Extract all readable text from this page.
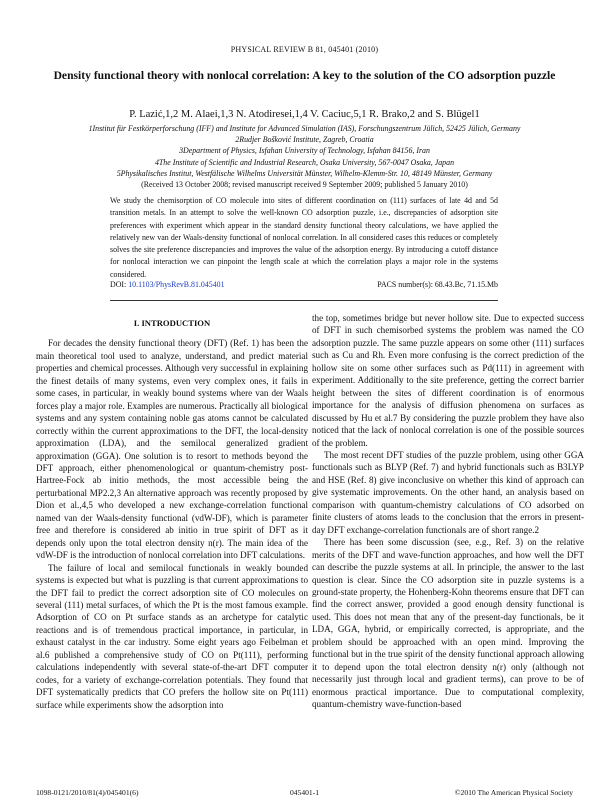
PHYSICAL REVIEW B 81, 045401 (2010)
Density functional theory with nonlocal correlation: A key to the solution of the CO adsorption puzzle
P. Lazić,1,2 M. Alaei,1,3 N. Atodiresei,1,4 V. Caciuc,5,1 R. Brako,2 and S. Blügel1
1Institut für Festkörperforschung (IFF) and Institute for Advanced Simulation (IAS), Forschungszentrum Jülich, 52425 Jülich, Germany
2Rudjer Bošković Institute, Zagreb, Croatia
3Department of Physics, Isfahan University of Technology, Isfahan 84156, Iran
4The Institute of Scientific and Industrial Research, Osaka University, 567-0047 Osaka, Japan
5Physikalisches Institut, Westfälische Wilhelms Universität Münster, Wilhelm-Klemm-Str. 10, 48149 Münster, Germany
(Received 13 October 2008; revised manuscript received 9 September 2009; published 5 January 2010)

We study the chemisorption of CO molecule into sites of different coordination on (111) surfaces of late 4d and 5d transition metals. In an attempt to solve the well-known CO adsorption puzzle, i.e., discrepancies of adsorption site preferences with experiment which appear in the standard density functional theory calculations, we have applied the relatively new van der Waals-density functional of nonlocal correlation. In all considered cases this reduces or completely solves the site preference discrepancies and improves the value of the adsorption energy. By introducing a cutoff distance for nonlocal interaction we can pinpoint the length scale at which the correlation plays a major role in the systems considered.

DOI: 10.1103/PhysRevB.81.045401	PACS number(s): 68.43.Bc, 71.15.Mb
I. INTRODUCTION

For decades the density functional theory (DFT) (Ref. 1) has been the main theoretical tool used to analyze, understand, and predict material properties and chemical processes. Although very successful in explaining the finest details of many systems, even very complex ones, it fails in some cases, in particular, in weakly bound systems where van der Waals forces play a major role. Examples are numerous. Practically all biological systems and any system containing noble gas atoms cannot be calculated correctly within the current approximations to the DFT, the local-density approximation (LDA), and the semilocal generalized gradient approximation (GGA). One solution is to resort to methods beyond the DFT approach, either phenomenological or quantum-chemistry post-Hartree-Fock ab initio methods, the most accessible being the perturbational MP2.2,3 An alternative approach was recently proposed by Dion et al.,4,5 who developed a new exchange-correlation functional named van der Waals-density functional (vdW-DF), which is parameter free and therefore is considered ab initio in true spirit of DFT as it depends only upon the total electron density n(r). The main idea of the vdW-DF is the introduction of nonlocal correlation into DFT calculations.

The failure of local and semilocal functionals in weakly bounded systems is expected but what is puzzling is that current approximations to the DFT fail to predict the correct adsorption site of CO molecules on several (111) metal surfaces, of which the Pt is the most famous example. Adsorption of CO on Pt surface stands as an archetype for catalytic reactions and is of tremendous practical importance, in particular, in exhaust catalyst in the car industry. Some eight years ago Feibelman et al.6 published a comprehensive study of CO on Pt(111), performing calculations independently with several state-of-the-art DFT computer codes, for a variety of exchange-correlation potentials. They found that DFT systematically predicts that CO prefers the hollow site on Pt(111) surface while experiments show the adsorption into

the top, sometimes bridge but never hollow site. Due to expected success of DFT in such chemisorbed systems the problem was named the CO adsorption puzzle. The same puzzle appears on some other (111) surfaces such as Cu and Rh. Even more confusing is the correct prediction of the hollow site on some other surfaces such as Pd(111) in agreement with experiment. Additionally to the site preference, getting the correct barrier height between the sites of different coordination is of enormous importance for the analysis of diffusion phenomena on surfaces as discussed by Hu et al.7 By considering the puzzle problem they have also noticed that the lack of nonlocal correlation is one of the possible sources of the problem.

The most recent DFT studies of the puzzle problem, using other GGA functionals such as BLYP (Ref. 7) and hybrid functionals such as B3LYP and HSE (Ref. 8) give inconclusive on whether this kind of approach can give systematic improvements. On the other hand, an analysis based on comparison with quantum-chemistry calculations of CO adsorbed on finite clusters of atoms leads to the conclusion that the errors in present-day DFT exchange-correlation functionals are of short range.2

There has been some discussion (see, e.g., Ref. 3) on the relative merits of the DFT and wave-function approaches, and how well the DFT can describe the puzzle systems at all. In principle, the answer to the last question is clear. Since the CO adsorption site in puzzle systems is a ground-state property, the Hohenberg-Kohn theorems ensure that DFT can find the correct answer, provided a good enough density functional is used. This does not mean that any of the present-day functionals, be it LDA, GGA, hybrid, or empirically corrected, is appropriate, and the problem should be approached with an open mind. Improving the functional but in the true spirit of the density functional approach allowing it to depend upon the total electron density n(r) only (although not necessarily just through local and gradient terms), can prove to be of enormous practical importance. Due to computational complexity, quantum-chemistry wave-function-based

1098-0121/2010/81(4)/045401(6)	045401-1	©2010 The American Physical Society
